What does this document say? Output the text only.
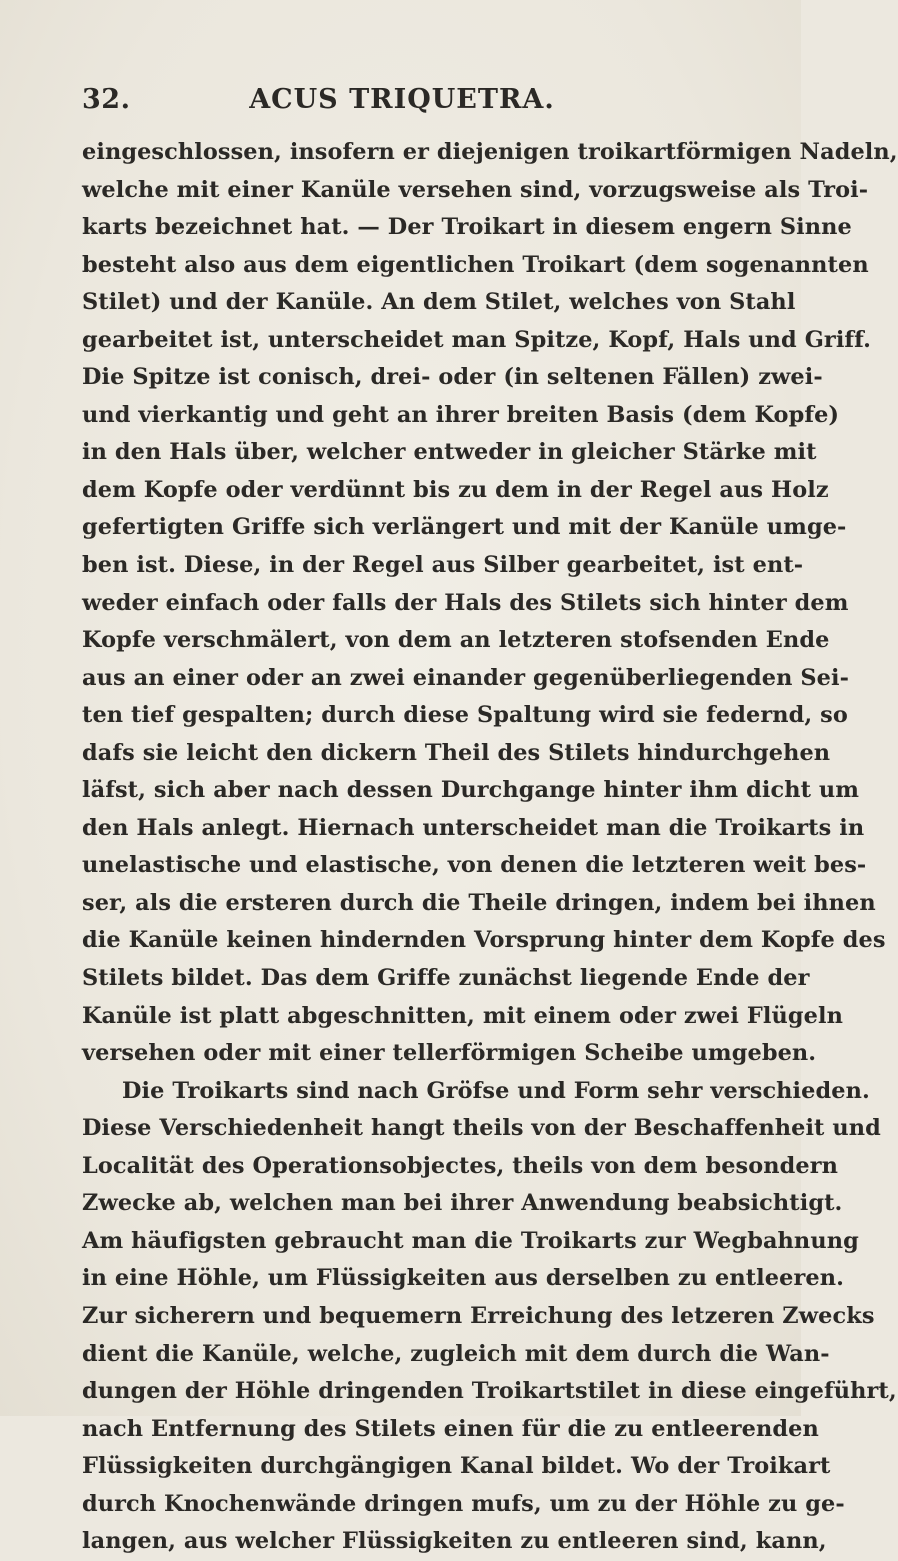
32.	ACUS TRIQUETRA.
eingeschlossen, insofern er diejenigen troikartförmigen Nadeln,
welche mit einer Kanüle versehen sind, vorzugsweise als Troi-
karts bezeichnet hat. — Der Troikart in diesem engern Sinne
besteht also aus dem eigentlichen Troikart (dem sogenannten
Stilet) und der Kanüle. An dem Stilet, welches von Stahl
gearbeitet ist, unterscheidet man Spitze, Kopf, Hals und Griff.
Die Spitze ist conisch, drei- oder (in seltenen Fällen) zwei-
und vierkantig und geht an ihrer breiten Basis (dem Kopfe)
in den Hals über, welcher entweder in gleicher Stärke mit
dem Kopfe oder verdünnt bis zu dem in der Regel aus Holz
gefertigten Griffe sich verlängert und mit der Kanüle umge-
ben ist. Diese, in der Regel aus Silber gearbeitet, ist ent-
weder einfach oder falls der Hals des Stilets sich hinter dem
Kopfe verschmälert, von dem an letzteren stofsenden Ende
aus an einer oder an zwei einander gegenüberliegenden Sei-
ten tief gespalten; durch diese Spaltung wird sie federnd, so
dafs sie leicht den dickern Theil des Stilets hindurchgehen
läfst, sich aber nach dessen Durchgange hinter ihm dicht um
den Hals anlegt. Hiernach unterscheidet man die Troikarts in
unelastische und elastische, von denen die letzteren weit bes-
ser, als die ersteren durch die Theile dringen, indem bei ihnen
die Kanüle keinen hindernden Vorsprung hinter dem Kopfe des
Stilets bildet. Das dem Griffe zunächst liegende Ende der
Kanüle ist platt abgeschnitten, mit einem oder zwei Flügeln
versehen oder mit einer tellerförmigen Scheibe umgeben.
Die Troikarts sind nach Gröfse und Form sehr verschieden.
Diese Verschiedenheit hangt theils von der Beschaffenheit und
Localität des Operationsobjectes, theils von dem besondern
Zwecke ab, welchen man bei ihrer Anwendung beabsichtigt.
Am häufigsten gebraucht man die Troikarts zur Wegbahnung
in eine Höhle, um Flüssigkeiten aus derselben zu entleeren.
Zur sicherern und bequemern Erreichung des letzeren Zwecks
dient die Kanüle, welche, zugleich mit dem durch die Wan-
dungen der Höhle dringenden Troikartstilet in diese eingeführt,
nach Entfernung des Stilets einen für die zu entleerenden
Flüssigkeiten durchgängigen Kanal bildet. Wo der Troikart
durch Knochenwände dringen mufs, um zu der Höhle zu ge-
langen, aus welcher Flüssigkeiten zu entleeren sind, kann,
